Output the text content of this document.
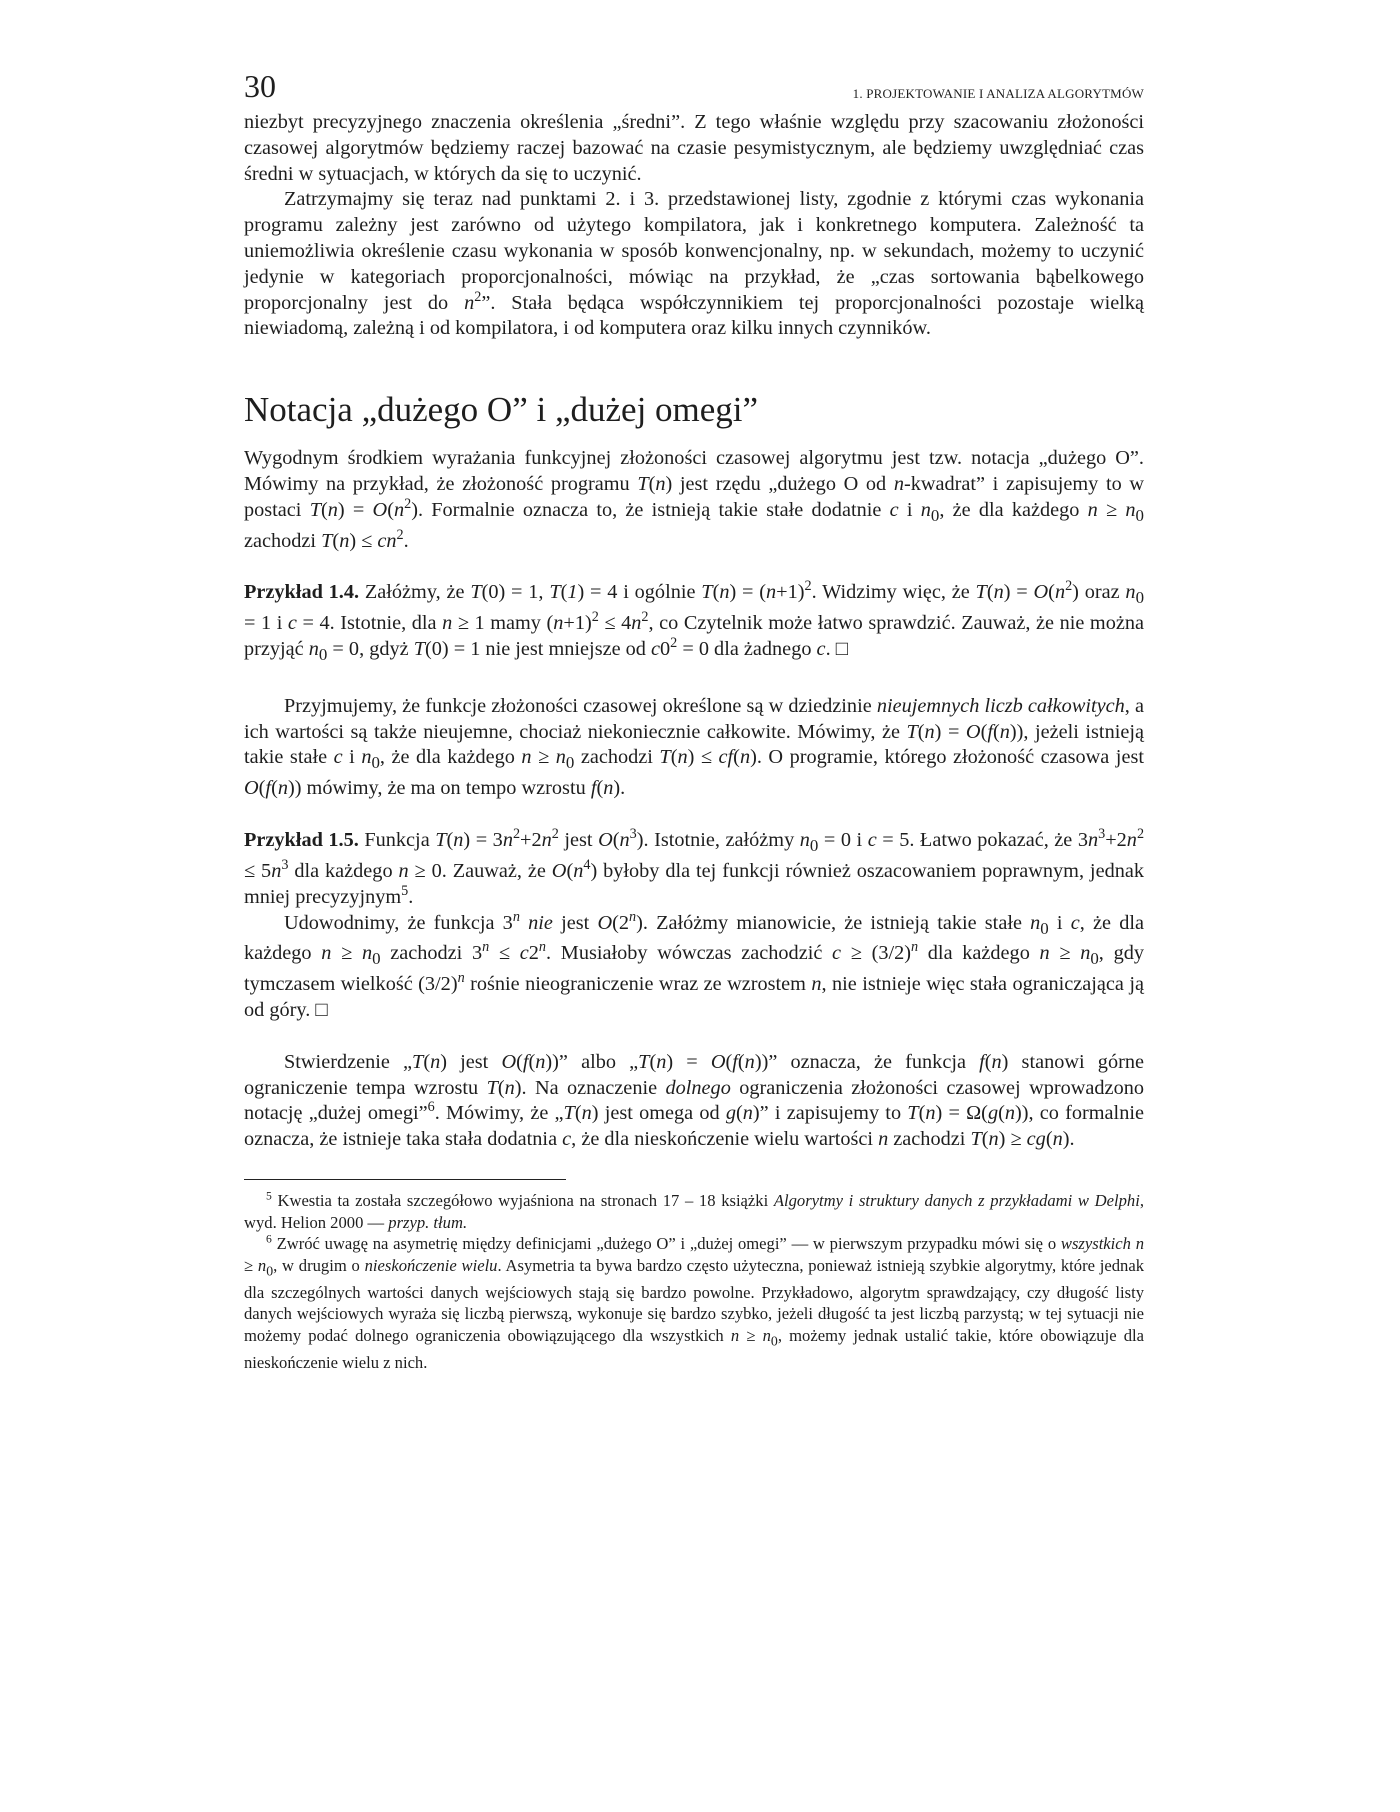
30	1. PROJEKTOWANIE I ANALIZA ALGORYTMÓW

niezbyt precyzyjnego znaczenia określenia „średni”. Z tego właśnie względu przy szacowaniu złożoności czasowej algorytmów będziemy raczej bazować na czasie pesymistycznym, ale będziemy uwzględniać czas średni w sytuacjach, w których da się to uczynić.

Zatrzymajmy się teraz nad punktami 2. i 3. przedstawionej listy, zgodnie z którymi czas wykonania programu zależny jest zarówno od użytego kompilatora, jak i konkretnego komputera. Zależność ta uniemożliwia określenie czasu wykonania w sposób konwencjonalny, np. w sekundach, możemy to uczynić jedynie w kategoriach proporcjonalności, mówiąc na przykład, że „czas sortowania bąbelkowego proporcjonalny jest do $n^2$”. Stała będąca współczynnikiem tej proporcjonalności pozostaje wielką niewiadomą, zależną i od kompilatora, i od komputera oraz kilku innych czynników.

Notacja „dużego O” i „dużej omegi”

Wygodnym środkiem wyrażania funkcyjnej złożoności czasowej algorytmu jest tzw. notacja „dużego O”. Mówimy na przykład, że złożoność programu T(n) jest rzędu „dużego O od n-kwadrat” i zapisujemy to w postaci $T(n) = O(n^2)$. Formalnie oznacza to, że istnieją takie stałe dodatnie c i $n_0$, że dla każdego $n \ge n_0$ zachodzi $T(n) \le cn^2$.

Przykład 1.4. Załóżmy, że T(0) = 1, T(1) = 4 i ogólnie $T(n) = (n+1)^2$. Widzimy więc, że $T(n) = O(n^2)$ oraz $n_0 = 1$ i c = 4. Istotnie, dla n ≥ 1 mamy $(n+1)^2 \le 4n^2$, co Czytelnik może łatwo sprawdzić. Zauważ, że nie można przyjąć $n_0 = 0$, gdyż T(0) = 1 nie jest mniejsze od $c0^2 = 0$ dla żadnego c. □

Przyjmujemy, że funkcje złożoności czasowej określone są w dziedzinie nieujemnych liczb całkowitych, a ich wartości są także nieujemne, chociaż niekoniecznie całkowite. Mówimy, że T(n) = O(f(n)), jeżeli istnieją takie stałe c i $n_0$, że dla każdego $n \ge n_0$ zachodzi T(n) ≤ cf(n). O programie, którego złożoność czasowa jest O(f(n)) mówimy, że ma on tempo wzrostu f(n).

Przykład 1.5. Funkcja $T(n) = 3n^2+2n^2$ jest $O(n^3)$. Istotnie, załóżmy $n_0 = 0$ i c = 5. Łatwo pokazać, że $3n^3+2n^2 \le 5n^3$ dla każdego n ≥ 0. Zauważ, że $O(n^4)$ byłoby dla tej funkcji również oszacowaniem poprawnym, jednak mniej precyzyjnym$^5$.

Udowodnimy, że funkcja 3$^n$ nie jest O(2$^n$). Załóżmy mianowicie, że istnieją takie stałe $n_0$ i c, że dla każdego $n \ge n_0$ zachodzi $3^n \le c2^n$. Musiałoby wówczas zachodzić $c \ge (3/2)^n$ dla każdego $n \ge n_0$, gdy tymczasem wielkość $(3/2)^n$ rośnie nieograniczenie wraz ze wzrostem n, nie istnieje więc stała ograniczająca ją od góry. □

Stwierdzenie „T(n) jest O(f(n))” albo „T(n) = O(f(n))” oznacza, że funkcja f(n) stanowi górne ograniczenie tempa wzrostu T(n). Na oznaczenie dolnego ograniczenia złożoności czasowej wprowadzono notację „dużej omegi”$^6$. Mówimy, że „T(n) jest omega od g(n)” i zapisujemy to T(n) = Ω(g(n)), co formalnie oznacza, że istnieje taka stała dodatnia c, że dla nieskończenie wielu wartości n zachodzi T(n) ≥ cg(n).

$^5$ Kwestia ta została szczegółowo wyjaśniona na stronach 17 – 18 książki Algorytmy i struktury danych z przykładami w Delphi, wyd. Helion 2000 — przyp. tłum.

$^6$ Zwróć uwagę na asymetrię między definicjami „dużego O” i „dużej omegi” — w pierwszym przypadku mówi się o wszystkich $n \ge n_0$, w drugim o nieskończenie wielu. Asymetria ta bywa bardzo często użyteczna, ponieważ istnieją szybkie algorytmy, które jednak dla szczególnych wartości danych wejściowych stają się bardzo powolne. Przykładowo, algorytm sprawdzający, czy długość listy danych wejściowych wyraża się liczbą pierwszą, wykonuje się bardzo szybko, jeżeli długość ta jest liczbą parzystą; w tej sytuacji nie możemy podać dolnego ograniczenia obowiązującego dla wszystkich $n \ge n_0$, możemy jednak ustalić takie, które obowiązuje dla nieskończenie wielu z nich.
